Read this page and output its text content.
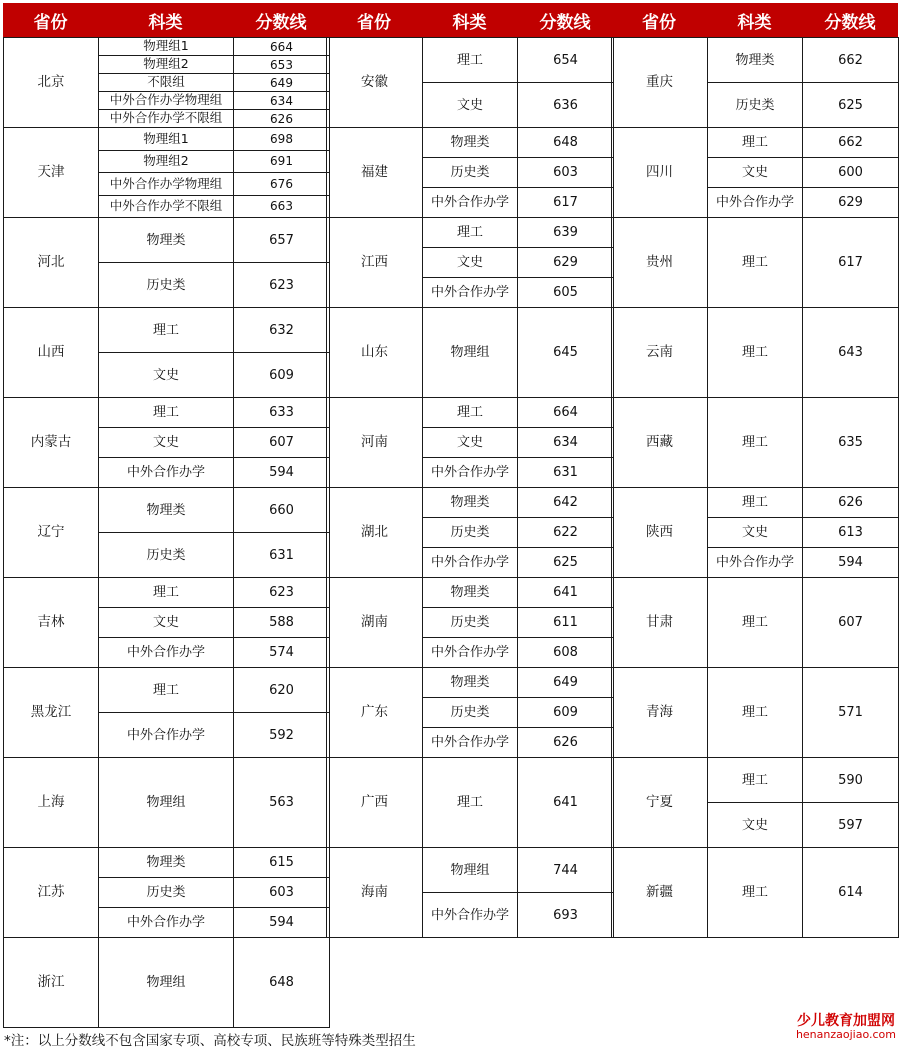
省份	科类	分数线
北京
物理组1	664
物理组2	653
不限组	649
中外合作办学物理组	634
中外合作办学不限组	626
天津
物理组1	698
物理组2	691
中外合作办学物理组	676
中外合作办学不限组	663
河北
物理类	657
历史类	623
山西
理工	632
文史	609
内蒙古
理工	633
文史	607
中外合作办学	594
辽宁
物理类	660
历史类	631
吉林
理工	623
文史	588
中外合作办学	574
黑龙江
理工	620
中外合作办学	592
上海	物理组	563
江苏
物理类	615
历史类	603
中外合作办学	594
浙江	物理组	648
省份	科类	分数线
安徽
理工	654
文史	636
福建
物理类	648
历史类	603
中外合作办学	617
江西
理工	639
文史	629
中外合作办学	605
山东	物理组	645
河南
理工	664
文史	634
中外合作办学	631
湖北
物理类	642
历史类	622
中外合作办学	625
湖南
物理类	641
历史类	611
中外合作办学	608
广东
物理类	649
历史类	609
中外合作办学	626
广西	理工	641
海南
物理组	744
中外合作办学	693
省份	科类	分数线
重庆
物理类	662
历史类	625
四川
理工	662
文史	600
中外合作办学	629
贵州	理工	617
云南	理工	643
西藏	理工	635
陕西
理工	626
文史	613
中外合作办学	594
甘肃	理工	607
青海	理工	571
宁夏
理工	590
文史	597
新疆	理工	614
*注：以上分数线不包含国家专项、高校专项、民族班等特殊类型招生
少儿教育加盟网
henanzaojiao.com
